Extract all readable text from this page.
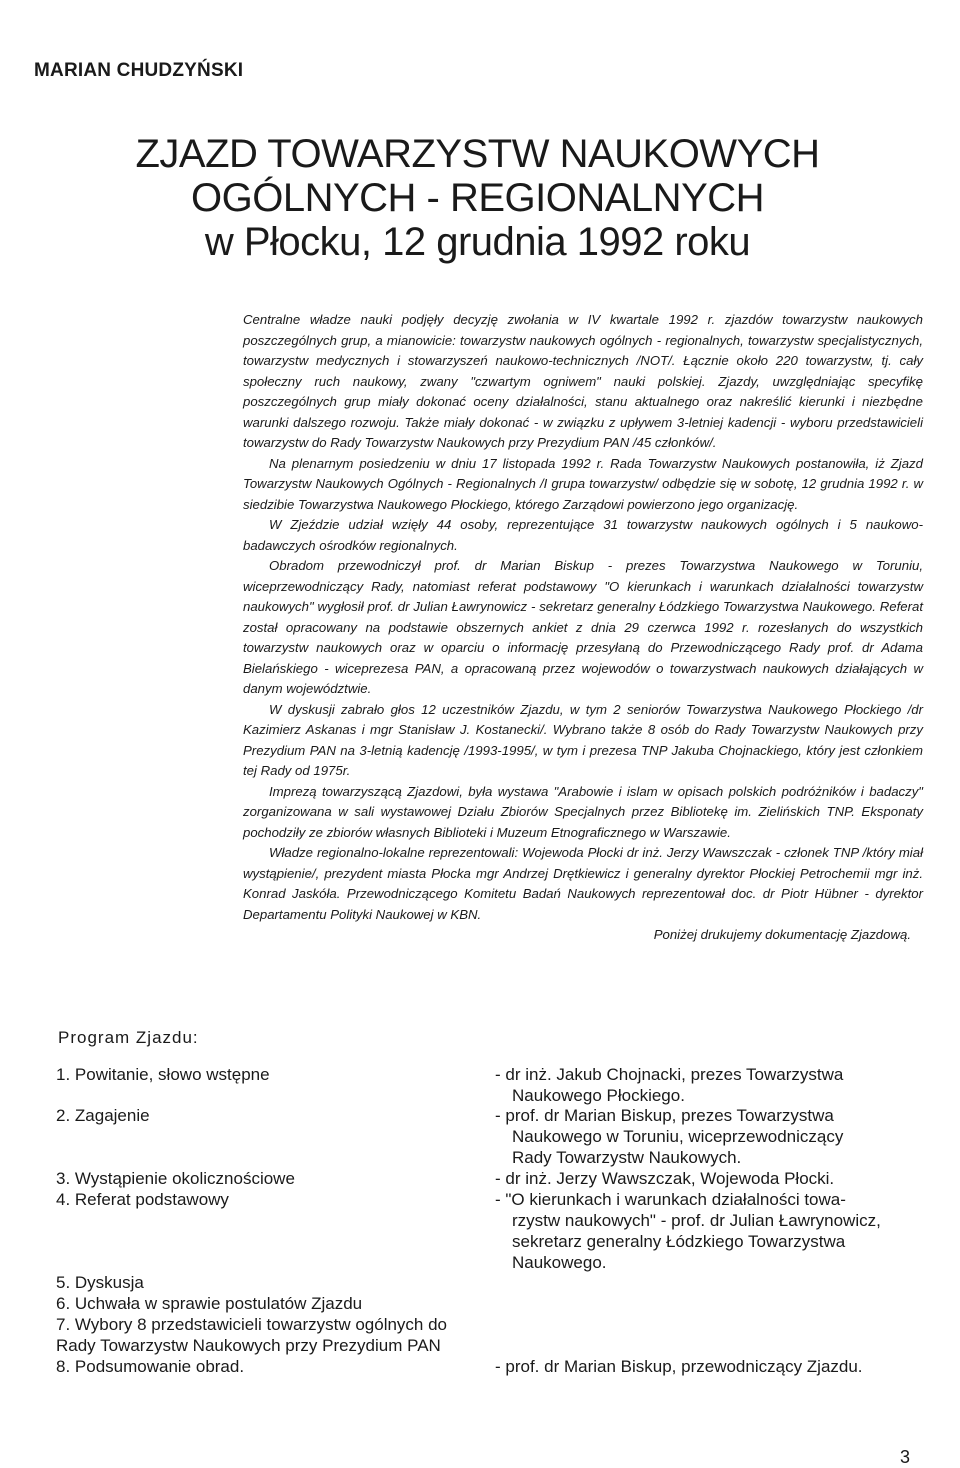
MARIAN CHUDZYŃSKI
ZJAZD TOWARZYSTW NAUKOWYCH
OGÓLNYCH - REGIONALNYCH
w Płocku, 12 grudnia 1992 roku

Centralne władze nauki podjęły decyzję zwołania w IV kwartale 1992 r. zjazdów towarzystw naukowych poszczególnych grup, a mianowicie: towarzystw naukowych ogólnych - regionalnych, towarzystw specjalistycznych, towarzystw medycznych i stowarzyszeń naukowo-technicznych /NOT/. Łącznie około 220 towarzystw, tj. cały społeczny ruch naukowy, zwany "czwartym ogniwem" nauki polskiej. Zjazdy, uwzględniając specyfikę poszczególnych grup miały dokonać oceny działalności, stanu aktualnego oraz nakreślić kierunki i niezbędne warunki dalszego rozwoju. Także miały dokonać - w związku z upływem 3-letniej kadencji - wyboru przedstawicieli towarzystw do Rady Towarzystw Naukowych przy Prezydium PAN /45 członków/.

Na plenarnym posiedzeniu w dniu 17 listopada 1992 r. Rada Towarzystw Naukowych postanowiła, iż Zjazd Towarzystw Naukowych Ogólnych - Regionalnych /I grupa towarzystw/ odbędzie się w sobotę, 12 grudnia 1992 r. w siedzibie Towarzystwa Naukowego Płockiego, którego Zarządowi powierzono jego organizację.

W Zjeździe udział wzięły 44 osoby, reprezentujące 31 towarzystw naukowych ogólnych i 5 naukowo-badawczych ośrodków regionalnych.

Obradom przewodniczył prof. dr Marian Biskup - prezes Towarzystwa Naukowego w Toruniu, wiceprzewodniczący Rady, natomiast referat podstawowy "O kierunkach i warunkach działalności towarzystw naukowych" wygłosił prof. dr Julian Ławrynowicz - sekretarz generalny Łódzkiego Towarzystwa Naukowego. Referat został opracowany na podstawie obszernych ankiet z dnia 29 czerwca 1992 r. rozesłanych do wszystkich towarzystw naukowych oraz w oparciu o informację przesyłaną do Przewodniczącego Rady prof. dr Adama Bielańskiego - wiceprezesa PAN, a opracowaną przez wojewodów o towarzystwach naukowych działających w danym województwie.

W dyskusji zabrało głos 12 uczestników Zjazdu, w tym 2 seniorów Towarzystwa Naukowego Płockiego /dr Kazimierz Askanas i mgr Stanisław J. Kostanecki/. Wybrano także 8 osób do Rady Towarzystw Naukowych przy Prezydium PAN na 3-letnią kadencję /1993-1995/, w tym i prezesa TNP Jakuba Chojnackiego, który jest członkiem tej Rady od 1975r.

Imprezą towarzyszącą Zjazdowi, była wystawa "Arabowie i islam w opisach polskich podróżników i badaczy" zorganizowana w sali wystawowej Działu Zbiorów Specjalnych przez Bibliotekę im. Zielińskich TNP. Eksponaty pochodziły ze zbiorów własnych Biblioteki i Muzeum Etnograficznego w Warszawie.

Władze regionalno-lokalne reprezentowali: Wojewoda Płocki dr inż. Jerzy Wawszczak - członek TNP /który miał wystąpienie/, prezydent miasta Płocka mgr Andrzej Drętkiewicz i generalny dyrektor Płockiej Petrochemii mgr inż. Konrad Jaskóła. Przewodniczącego Komitetu Badań Naukowych reprezentował doc. dr Piotr Hübner - dyrektor Departamentu Polityki Naukowej w KBN.

Poniżej drukujemy dokumentację Zjazdową.

Program Zjazdu:
1. Powitanie, słowo wstępne	- dr inż. Jakub Chojnacki, prezes Towarzystwa
Naukowego Płockiego.
2. Zagajenie	- prof. dr Marian Biskup, prezes Towarzystwa
Naukowego w Toruniu, wiceprzewodniczący
Rady Towarzystw Naukowych.
3. Wystąpienie okolicznościowe	- dr inż. Jerzy Wawszczak, Wojewoda Płocki.
4. Referat podstawowy	- "O kierunkach i warunkach działalności towa-
rzystw naukowych" - prof. dr Julian Ławrynowicz,
sekretarz generalny Łódzkiego Towarzystwa
Naukowego.
5. Dyskusja
6. Uchwała w sprawie postulatów Zjazdu
7. Wybory 8 przedstawicieli towarzystw ogólnych do
Rady Towarzystw Naukowych przy Prezydium PAN
8. Podsumowanie obrad.	- prof. dr Marian Biskup, przewodniczący Zjazdu.
3
